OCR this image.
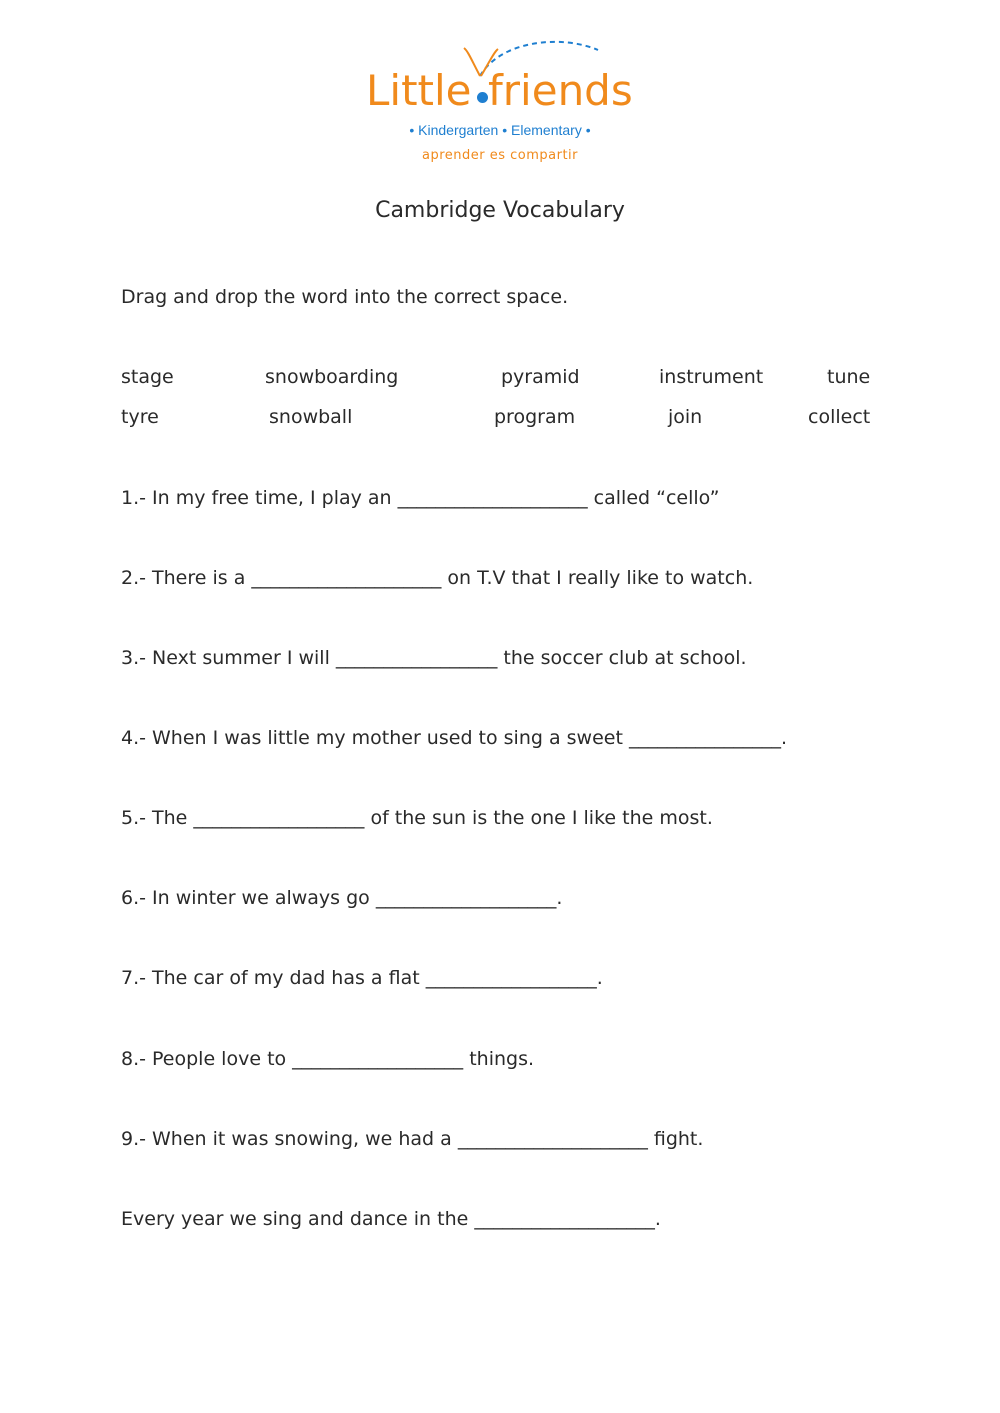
Little friends
• Kindergarten • Elementary •
aprender es compartir
Cambridge Vocabulary
Drag and drop the word into the correct space.
stage	snowboarding	pyramid	instrument	tune
tyre	snowball	program	join	collect
1.- In my free time, I play an ____________________ called “cello”
2.- There is a ____________________ on T.V that I really like to watch.
3.- Next summer I will _________________ the soccer club at school.
4.- When I was little my mother used to sing a sweet ________________.
5.- The __________________ of the sun is the one I like the most.
6.- In winter we always go ___________________.
7.- The car of my dad has a flat __________________.
8.- People love to __________________ things.
9.- When it was snowing, we had a ____________________ fight.
Every year we sing and dance in the ___________________.
